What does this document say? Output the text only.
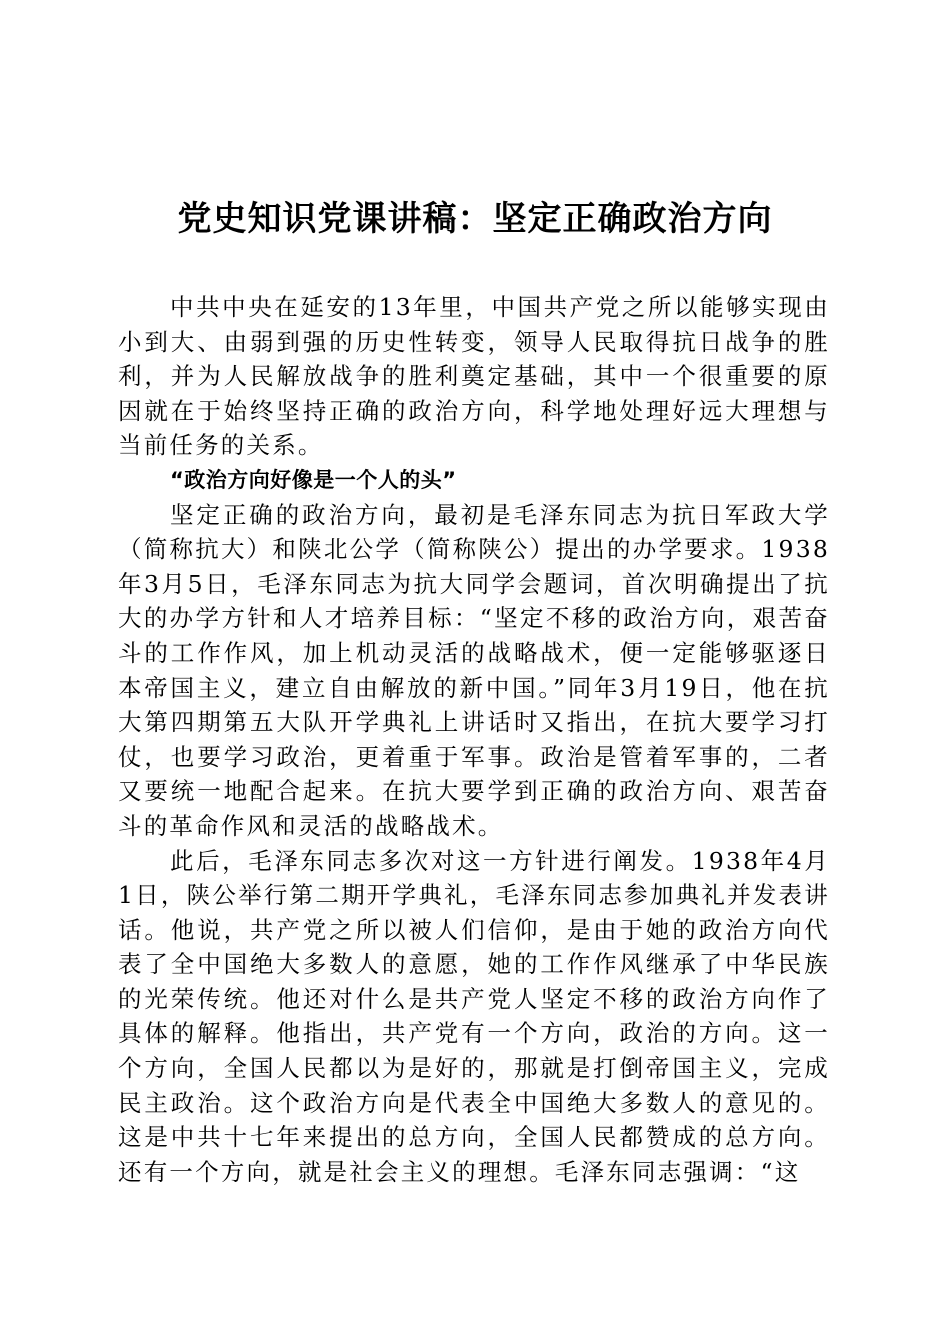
党史知识党课讲稿：坚定正确政治方向

中共中央在延安的13年里，中国共产党之所以能够实现由小到大、由弱到强的历史性转变，领导人民取得抗日战争的胜利，并为人民解放战争的胜利奠定基础，其中一个很重要的原因就在于始终坚持正确的政治方向，科学地处理好远大理想与当前任务的关系。

“政治方向好像是一个人的头”

坚定正确的政治方向，最初是毛泽东同志为抗日军政大学（简称抗大）和陕北公学（简称陕公）提出的办学要求。1938年3月5日，毛泽东同志为抗大同学会题词，首次明确提出了抗大的办学方针和人才培养目标：“坚定不移的政治方向，艰苦奋斗的工作作风，加上机动灵活的战略战术，便一定能够驱逐日本帝国主义，建立自由解放的新中国。”同年3月19日，他在抗大第四期第五大队开学典礼上讲话时又指出，在抗大要学习打仗，也要学习政治，更着重于军事。政治是管着军事的，二者又要统一地配合起来。在抗大要学到正确的政治方向、艰苦奋斗的革命作风和灵活的战略战术。

此后，毛泽东同志多次对这一方针进行阐发。1938年4月1日，陕公举行第二期开学典礼，毛泽东同志参加典礼并发表讲话。他说，共产党之所以被人们信仰，是由于她的政治方向代表了全中国绝大多数人的意愿，她的工作作风继承了中华民族的光荣传统。他还对什么是共产党人坚定不移的政治方向作了具体的解释。他指出，共产党有一个方向，政治的方向。这一个方向，全国人民都以为是好的，那就是打倒帝国主义，完成民主政治。这个政治方向是代表全中国绝大多数人的意见的。这是中共十七年来提出的总方向，全国人民都赞成的总方向。还有一个方向，就是社会主义的理想。毛泽东同志强调：“这
